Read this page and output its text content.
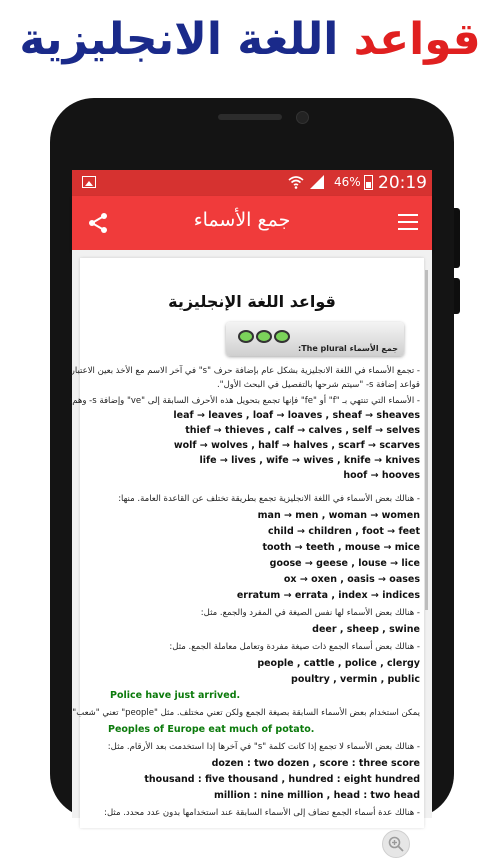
قواعد اللغة الانجليزية
46% 20:19
جمع الأسماء
قواعد اللغة الإنجليزية
جمع الأسماء The plural:
- تجمع الأسماء في اللغة الانجليزية بشكل عام بإضافة حرف "s" في آخر الاسم مع الأخذ بعين الاعتبار
قواعد إضافة s- "سيتم شرحها بالتفصيل في البحث الأول".
- الأسماء التي تنتهي بـ "f" أو "fe" فإنها تجمع بتحويل هذه الأحرف السابقة إلى "ve" وإضافة s- وهم:
leaf → leaves , loaf → loaves , sheaf → sheaves
thief → thieves , calf → calves , self → selves
wolf → wolves , half → halves , scarf → scarves
life → lives , wife → wives , knife → knives
hoof → hooves
- هنالك بعض الأسماء في اللغة الانجليزية تجمع بطريقة تختلف عن القاعدة العامة. منها:
man → men , woman → women
child → children , foot → feet
tooth → teeth , mouse → mice
goose → geese , louse → lice
ox → oxen , oasis → oases
erratum → errata , index → indices
- هنالك بعض الأسماء لها نفس الصيغة في المفرد والجمع. مثل:
deer , sheep , swine
- هنالك بعض أسماء الجمع ذات صيغة مفردة وتعامل معاملة الجمع. مثل:
people , cattle , police , clergy
poultry , vermin , public
Police have just arrived.
يمكن استخدام بعض الأسماء السابقة بصيغة الجمع ولكن تعني مختلف. مثل "people" تعني "شعب".
Peoples of Europe eat much of potato.
- هنالك بعض الأسماء لا تجمع إذا كانت كلمة "s" في آخرها إذا استخدمت بعد الأرقام. مثل:
dozen : two dozen , score : three score
thousand : five thousand , hundred : eight hundred
million : nine million , head : two head
- هنالك عدة أسماء الجمع تضاف إلى الأسماء السابقة عند استخدامها بدون عدد محدد. مثل:
